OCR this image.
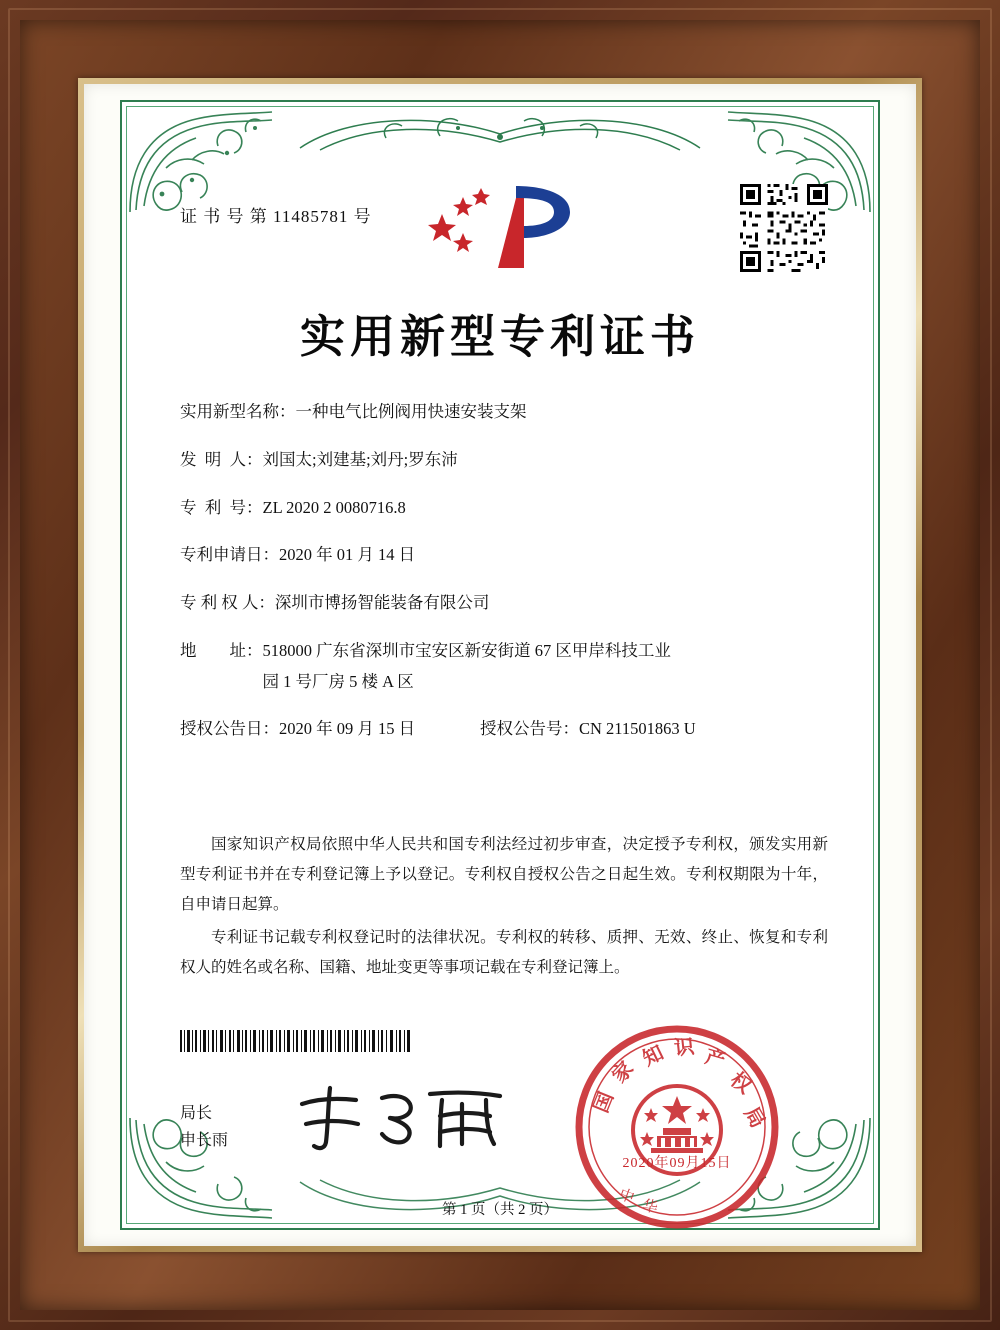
证 书 号 第 11485781 号
实用新型专利证书
实用新型名称： 一种电气比例阀用快速安装支架
发  明  人： 刘国太;刘建基;刘丹;罗东沛
专  利  号： ZL 2020 2 0080716.8
专利申请日： 2020 年 01 月 14 日
专 利 权 人： 深圳市博扬智能装备有限公司
地        址： 518000 广东省深圳市宝安区新安街道 67 区甲岸科技工业
园 1 号厂房 5 楼 A 区
授权公告日： 2020 年 09 月 15 日	授权公告号： CN 211501863 U

国家知识产权局依照中华人民共和国专利法经过初步审查，决定授予专利权，颁发实用新型专利证书并在专利登记簿上予以登记。专利权自授权公告之日起生效。专利权期限为十年，自申请日起算。

专利证书记载专利权登记时的法律状况。专利权的转移、质押、无效、终止、恢复和专利权人的姓名或名称、国籍、地址变更等事项记载在专利登记簿上。

局长
申长雨
知 识 产
权
局
家
国
中
华
2020年09月15日
第 1 页（共 2 页）
